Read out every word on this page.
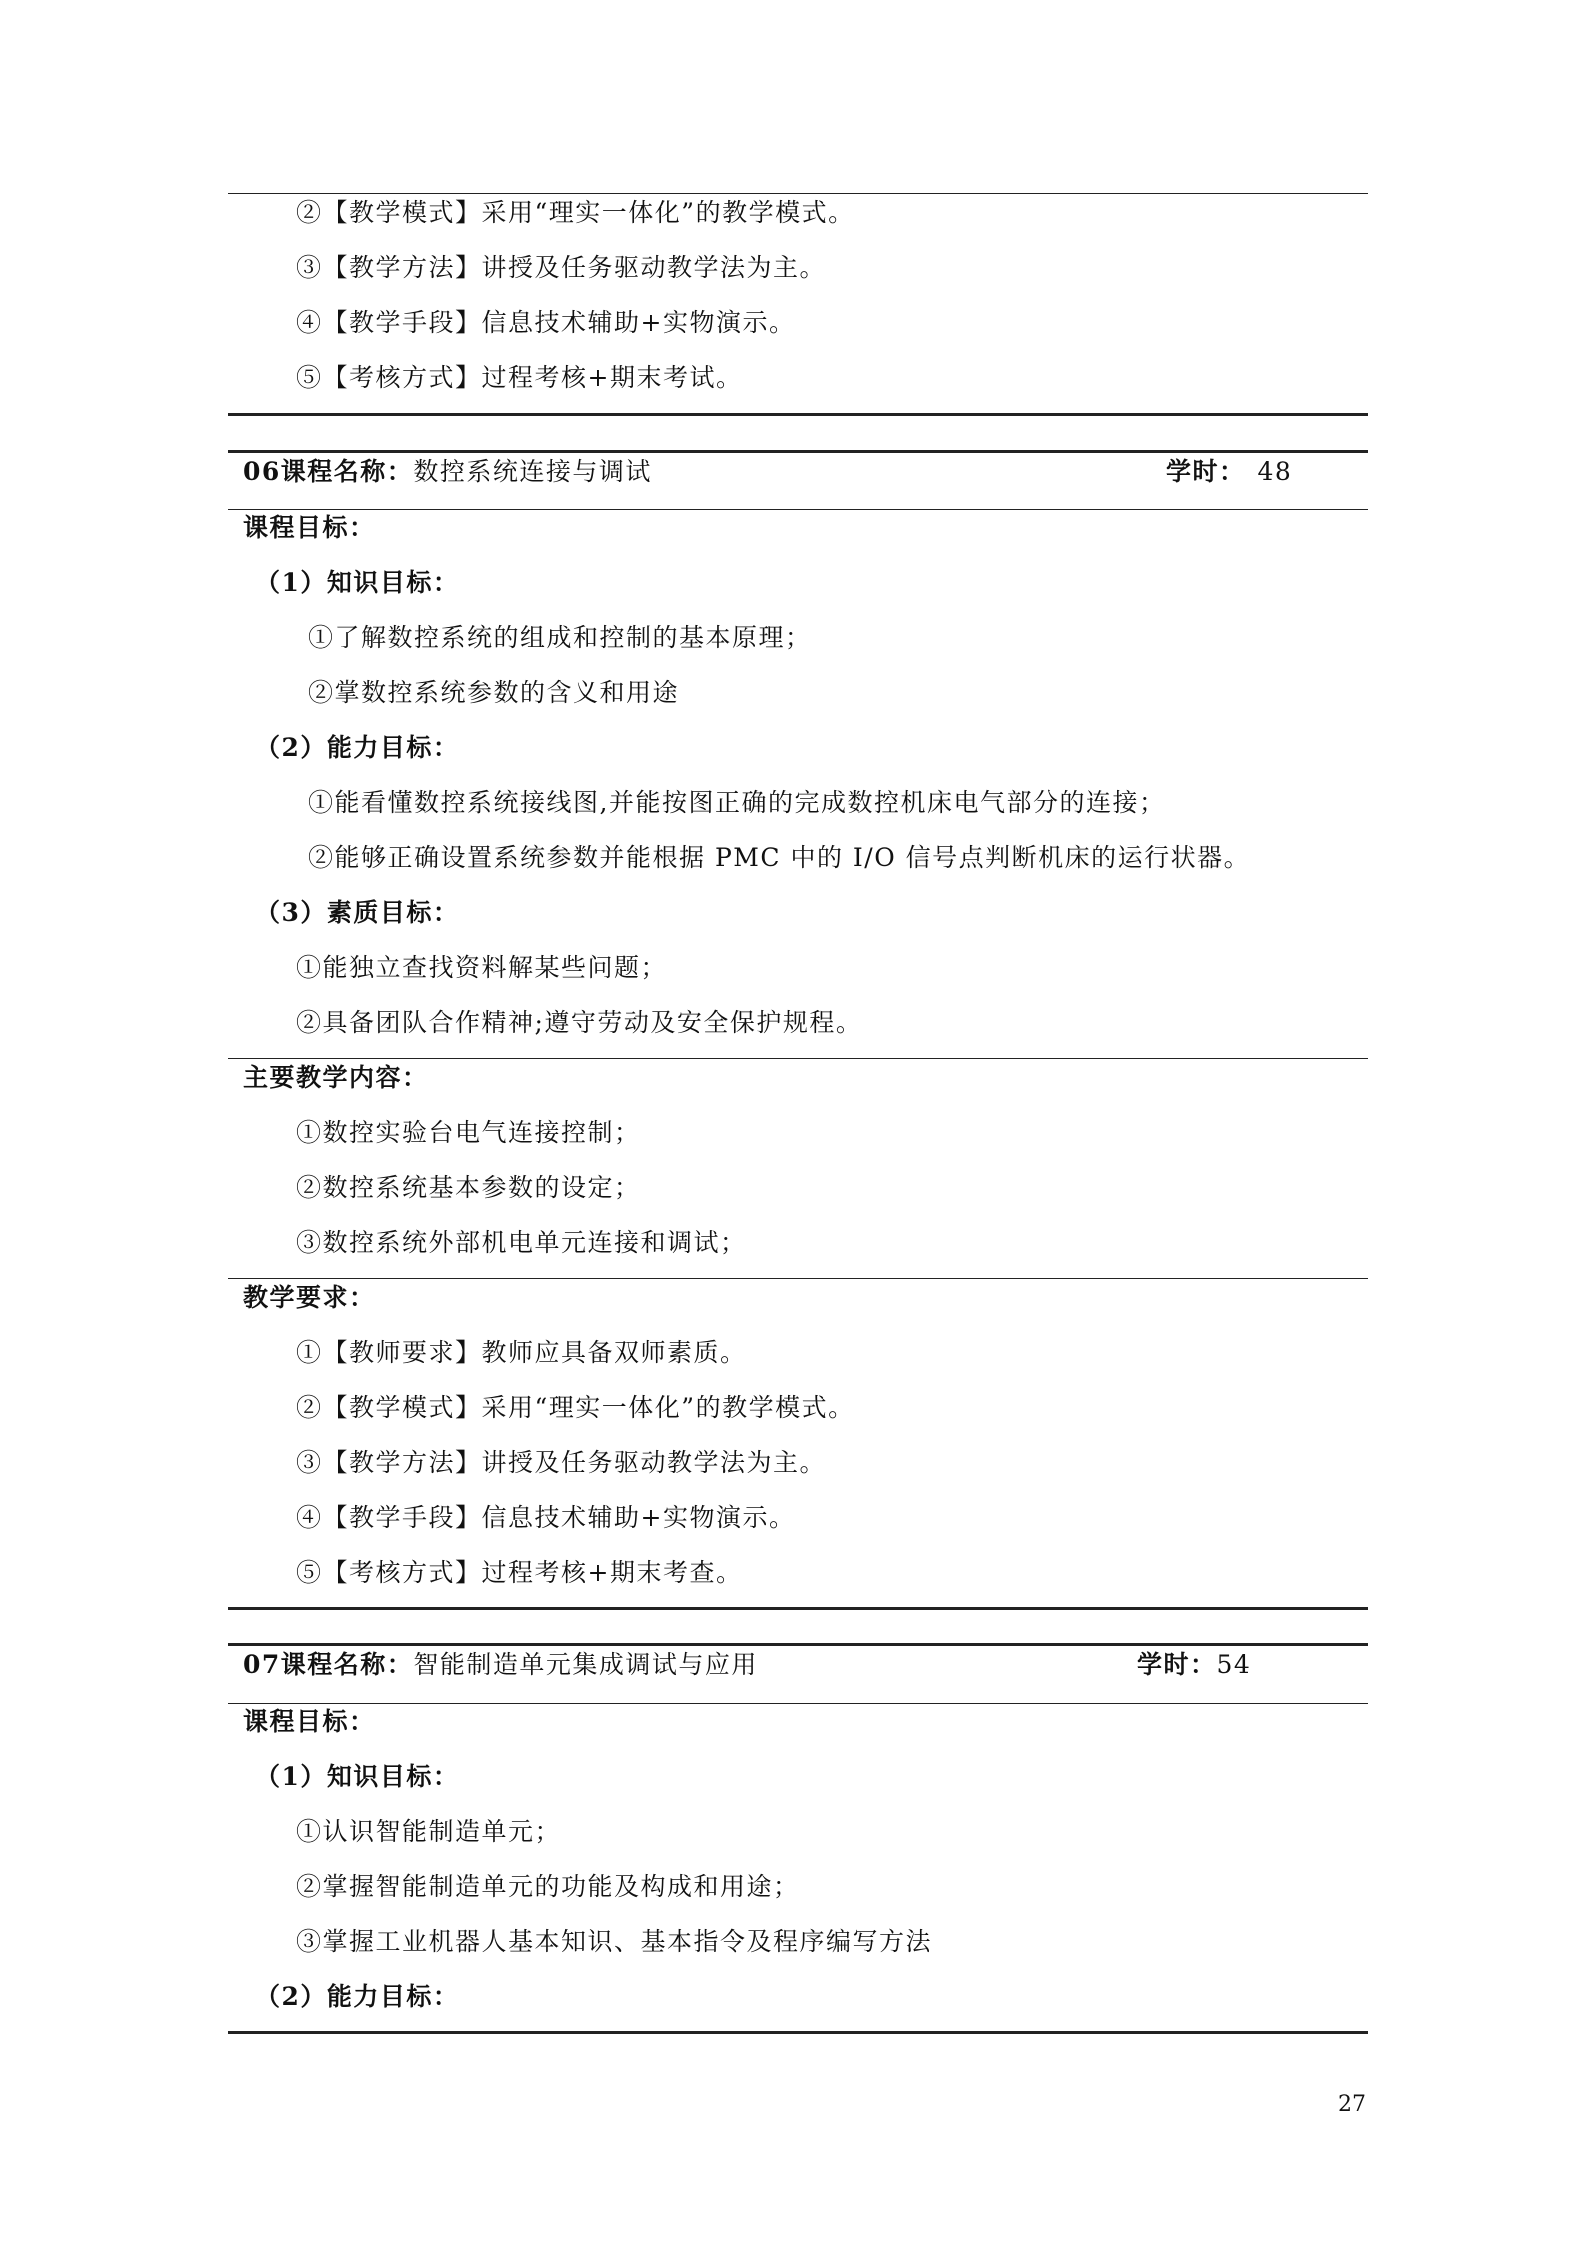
②【教学模式】采用“理实一体化”的教学模式。
③【教学方法】讲授及任务驱动教学法为主。
④【教学手段】信息技术辅助+实物演示。
⑤【考核方式】过程考核+期末考试。
06课程名称：数控系统连接与调试	学时： 48
课程目标：
（1）知识目标：
①了解数控系统的组成和控制的基本原理；
②掌数控系统参数的含义和用途
（2）能力目标：
①能看懂数控系统接线图,并能按图正确的完成数控机床电气部分的连接；
②能够正确设置系统参数并能根据 PMC 中的 I/O 信号点判断机床的运行状器。
（3）素质目标：
①能独立查找资料解某些问题；
②具备团队合作精神;遵守劳动及安全保护规程。
主要教学内容：
①数控实验台电气连接控制；
②数控系统基本参数的设定；
③数控系统外部机电单元连接和调试；
教学要求：
①【教师要求】教师应具备双师素质。
②【教学模式】采用“理实一体化”的教学模式。
③【教学方法】讲授及任务驱动教学法为主。
④【教学手段】信息技术辅助+实物演示。
⑤【考核方式】过程考核+期末考查。
07课程名称：智能制造单元集成调试与应用	学时：54
课程目标：
（1）知识目标：
①认识智能制造单元；
②掌握智能制造单元的功能及构成和用途；
③掌握工业机器人基本知识、基本指令及程序编写方法
（2）能力目标：
27
